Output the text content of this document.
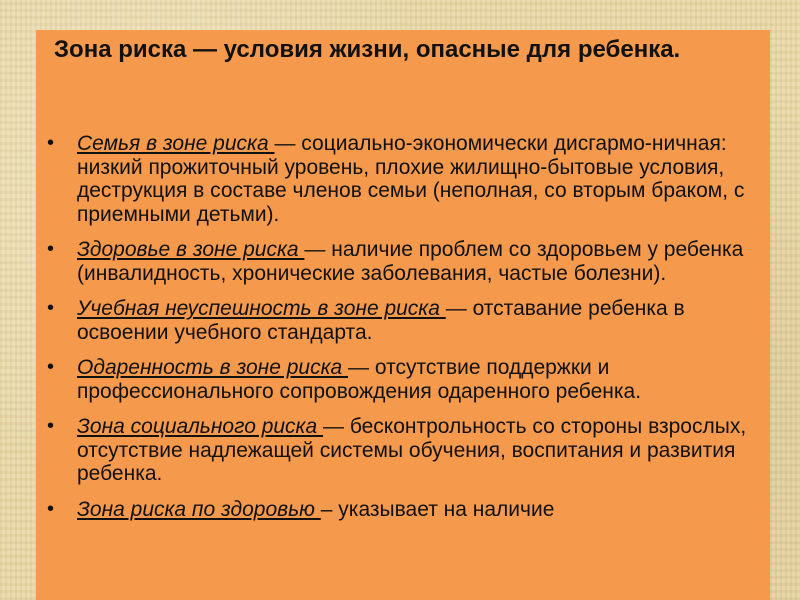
Зона риска — условия жизни, опасные для ребенка.
• Семья в зоне риска — социально-экономически дисгармо-ничная: низкий прожиточный уровень, плохие жилищно-бытовые условия, деструкция в составе членов семьи (неполная, со вторым браком, с приемными детьми).
• Здоровье в зоне риска — наличие проблем со здоровьем у ребенка (инвалидность, хронические заболевания, частые болезни).
• Учебная неуспешность в зоне риска — отставание ребенка в освоении учебного стандарта.
• Одаренность в зоне риска — отсутствие поддержки и профессионального сопровождения одаренного ребенка.
• Зона социального риска — бесконтрольность со стороны взрослых, отсутствие надлежащей системы обучения, воспитания и развития ребенка.
• Зона риска по здоровью – указывает на наличие
